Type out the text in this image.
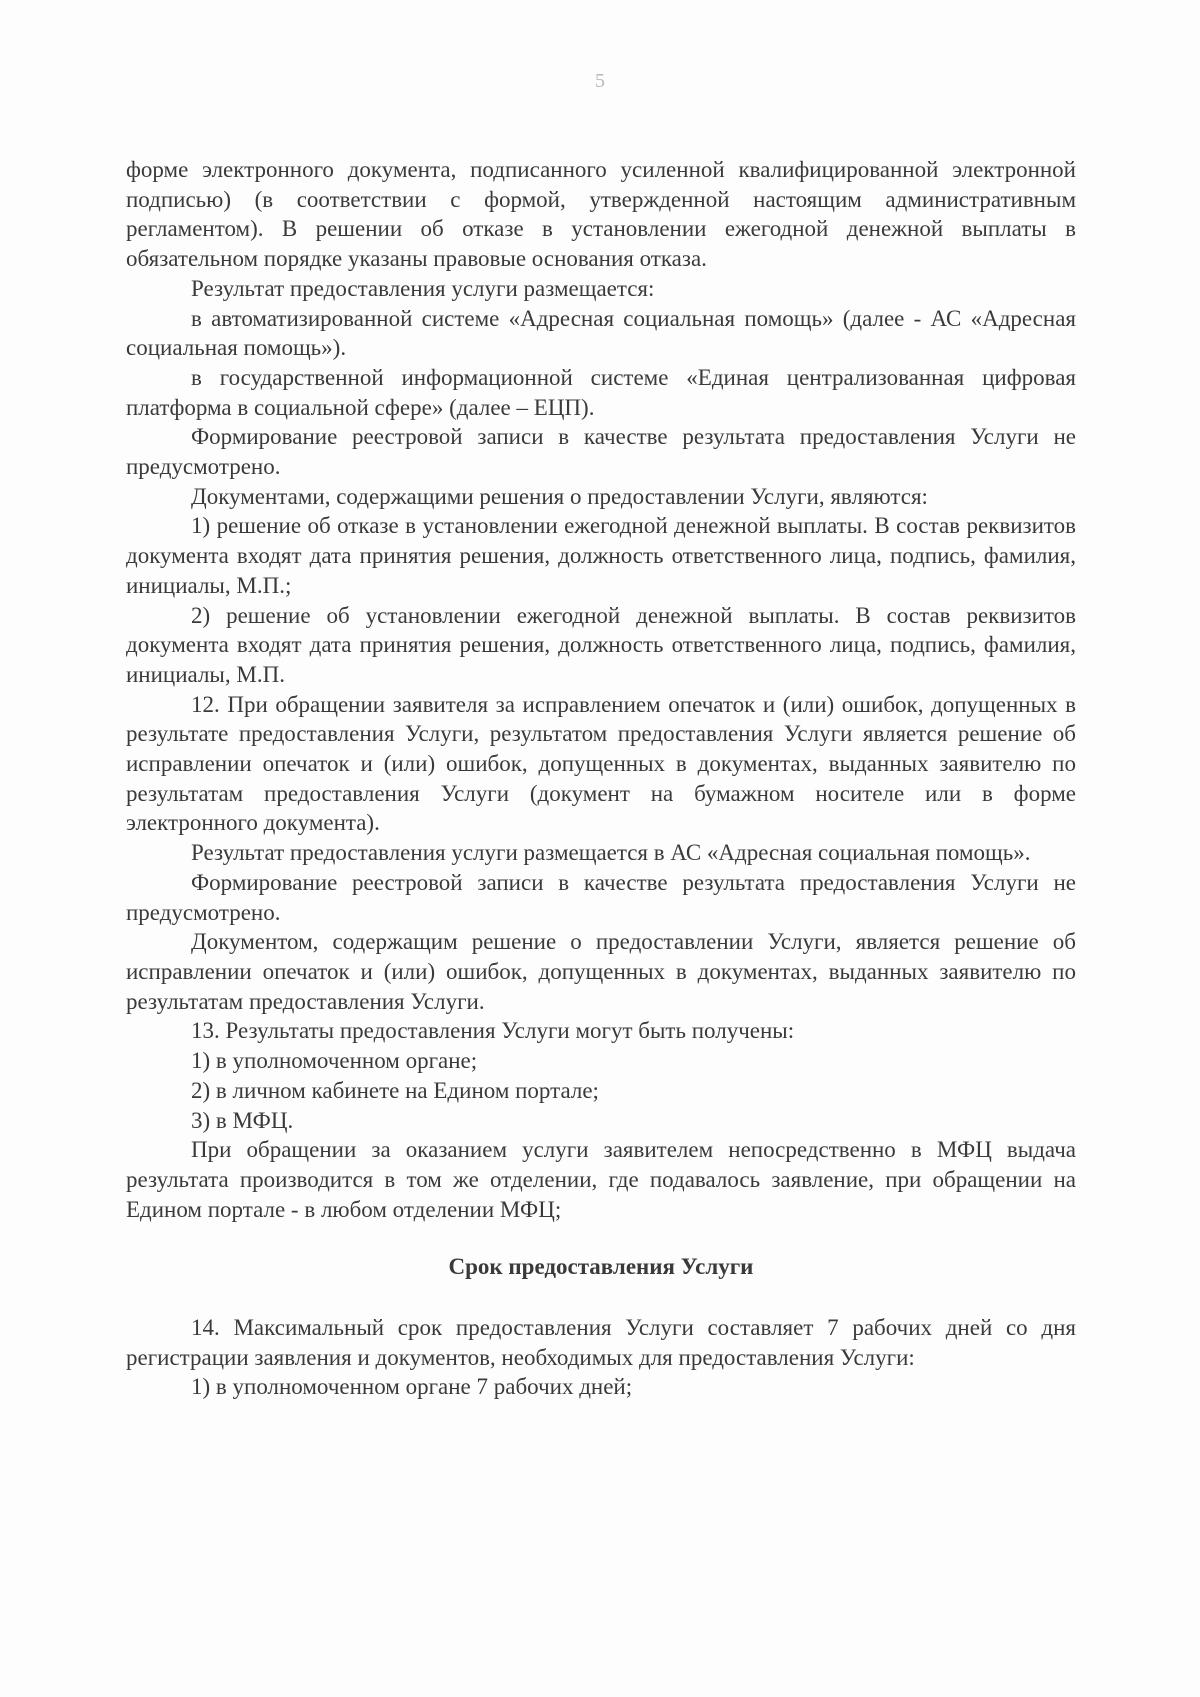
5

форме электронного документа, подписанного усиленной квалифицированной электронной подписью) (в соответствии с формой, утвержденной настоящим административным регламентом). В решении об отказе в установлении ежегодной денежной выплаты в обязательном порядке указаны правовые основания отказа.

Результат предоставления услуги размещается:

в автоматизированной системе «Адресная социальная помощь» (далее - АС «Адресная социальная помощь»).

в государственной информационной системе «Единая централизованная цифровая платформа в социальной сфере» (далее – ЕЦП).

Формирование реестровой записи в качестве результата предоставления Услуги не предусмотрено.

Документами, содержащими решения о предоставлении Услуги, являются:

1) решение об отказе в установлении ежегодной денежной выплаты. В состав реквизитов документа входят дата принятия решения, должность ответственного лица, подпись, фамилия, инициалы, М.П.;

2) решение об установлении ежегодной денежной выплаты. В состав реквизитов документа входят дата принятия решения, должность ответственного лица, подпись, фамилия, инициалы, М.П.

12. При обращении заявителя за исправлением опечаток и (или) ошибок, допущенных в результате предоставления Услуги, результатом предоставления Услуги является решение об исправлении опечаток и (или) ошибок, допущенных в документах, выданных заявителю по результатам предоставления Услуги (документ на бумажном носителе или в форме электронного документа).

Результат предоставления услуги размещается в АС «Адресная социальная помощь».

Формирование реестровой записи в качестве результата предоставления Услуги не предусмотрено.

Документом, содержащим решение о предоставлении Услуги, является решение об исправлении опечаток и (или) ошибок, допущенных в документах, выданных заявителю по результатам предоставления Услуги.

13. Результаты предоставления Услуги могут быть получены:

1) в уполномоченном органе;

2) в личном кабинете на Едином портале;

3) в МФЦ.

При обращении за оказанием услуги заявителем непосредственно в МФЦ выдача результата производится в том же отделении, где подавалось заявление, при обращении на Едином портале - в любом отделении МФЦ;

Срок предоставления Услуги

14. Максимальный срок предоставления Услуги составляет 7 рабочих дней со дня регистрации заявления и документов, необходимых для предоставления Услуги:

1) в уполномоченном органе 7 рабочих дней;
